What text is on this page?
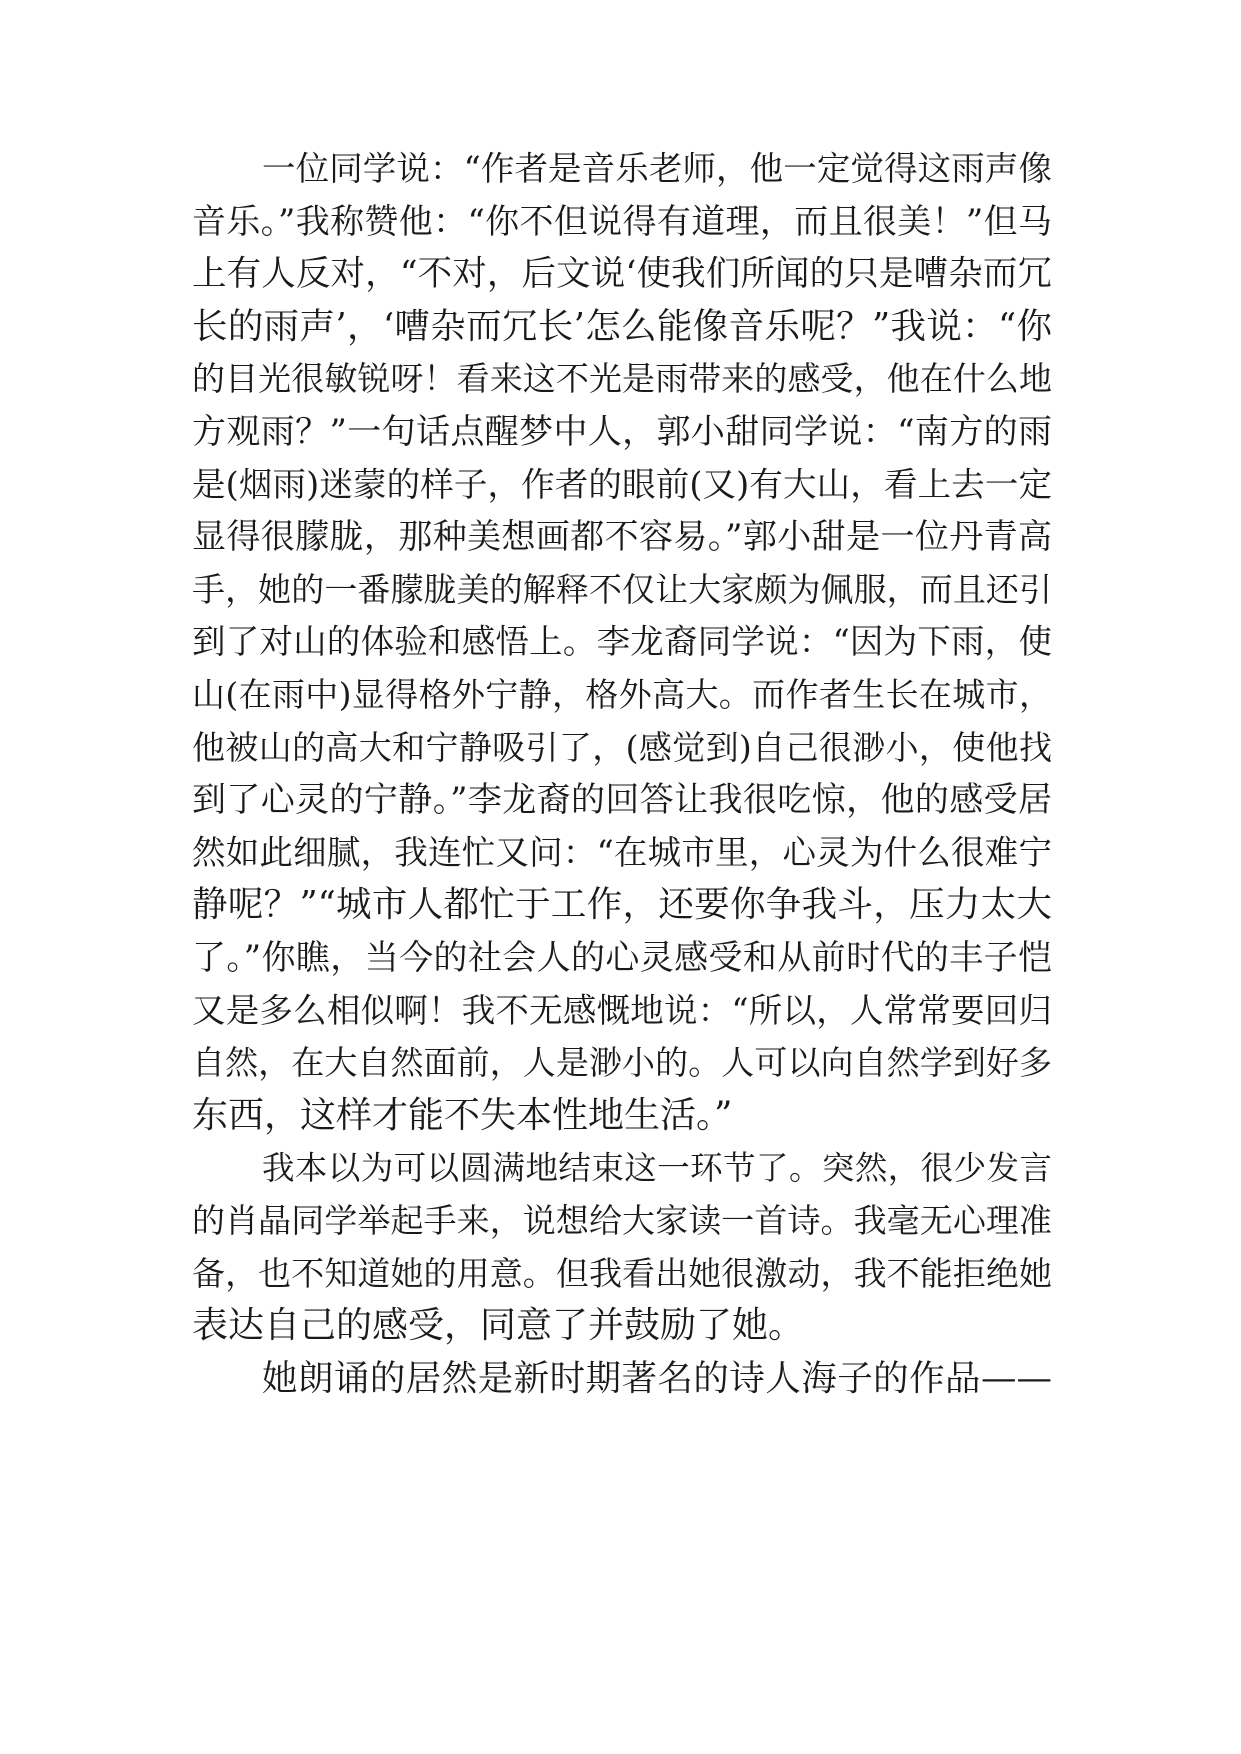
一位同学说：“作者是音乐老师，他一定觉得这雨声像
音乐。”我称赞他：“你不但说得有道理，而且很美！”但马
上有人反对，“不对，后文说‘使我们所闻的只是嘈杂而冗
长的雨声’，‘嘈杂而冗长’怎么能像音乐呢？”我说：“你
的目光很敏锐呀！看来这不光是雨带来的感受，他在什么地
方观雨？”一句话点醒梦中人，郭小甜同学说：“南方的雨
是(烟雨)迷蒙的样子，作者的眼前(又)有大山，看上去一定
显得很朦胧，那种美想画都不容易。”郭小甜是一位丹青高
手，她的一番朦胧美的解释不仅让大家颇为佩服，而且还引
到了对山的体验和感悟上。李龙裔同学说：“因为下雨，使
山(在雨中)显得格外宁静，格外高大。而作者生长在城市，
他被山的高大和宁静吸引了，(感觉到)自己很渺小，使他找
到了心灵的宁静。”李龙裔的回答让我很吃惊，他的感受居
然如此细腻，我连忙又问：“在城市里，心灵为什么很难宁
静呢？”“城市人都忙于工作，还要你争我斗，压力太大
了。”你瞧，当今的社会人的心灵感受和从前时代的丰子恺
又是多么相似啊！我不无感慨地说：“所以，人常常要回归
自然，在大自然面前，人是渺小的。人可以向自然学到好多
东西，这样才能不失本性地生活。”
我本以为可以圆满地结束这一环节了。突然，很少发言
的肖晶同学举起手来，说想给大家读一首诗。我毫无心理准
备，也不知道她的用意。但我看出她很激动，我不能拒绝她
表达自己的感受，同意了并鼓励了她。
她朗诵的居然是新时期著名的诗人海子的作品——
